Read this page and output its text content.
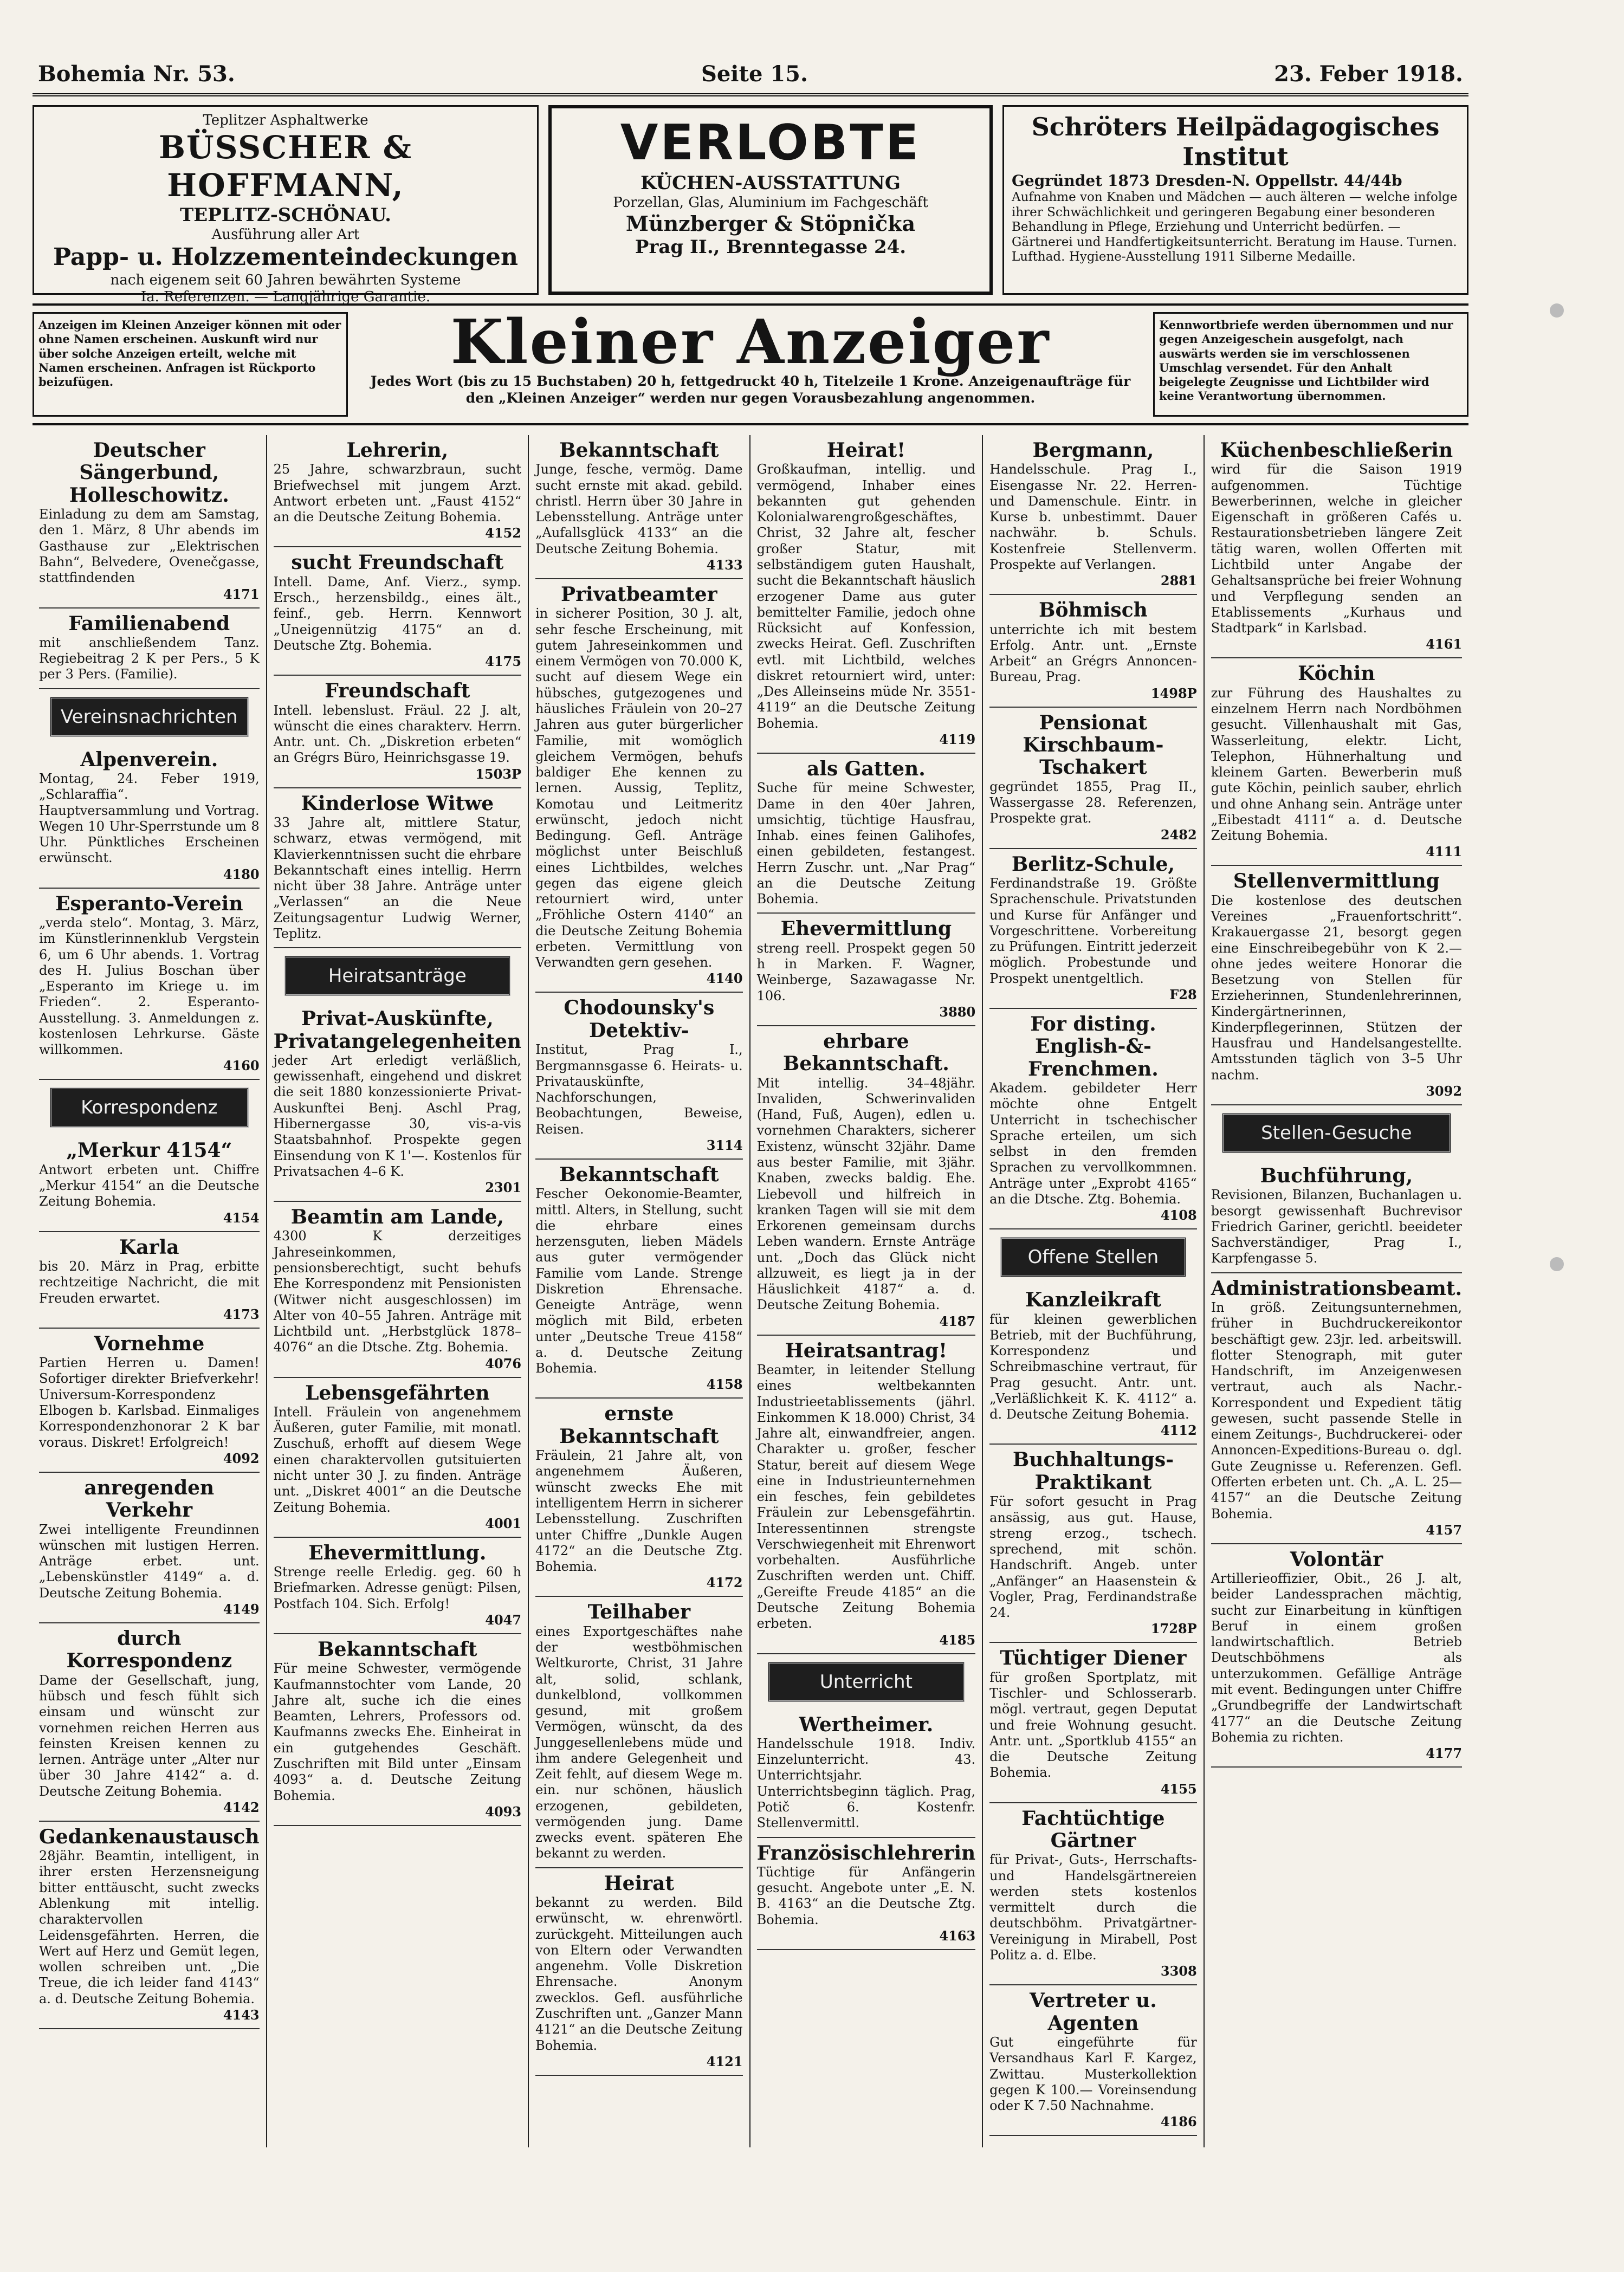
Bohemia Nr. 53.	Seite 15.	23. Feber 1918.
Teplitzer Asphaltwerke
BÜSSCHER & HOFFMANN,
TEPLITZ-SCHÖNAU.
Ausführung aller Art
Papp- u. Holzzementeindeckungen
nach eigenem seit 60 Jahren bewährten Systeme
Ia. Referenzen. — Langjährige Garantie.
VERLOBTE
KÜCHEN-AUSSTATTUNG
Porzellan, Glas, Aluminium im Fachgeschäft
Münzberger & Stöpnička
Prag II., Brenntegasse 24.
Schröters Heilpädagogisches Institut
Gegründet 1873 Dresden-N. Oppellstr. 44/44b
Aufnahme von Knaben und Mädchen — auch älteren — welche infolge ihrer Schwächlichkeit und geringeren Begabung einer besonderen Behandlung in Pflege, Erziehung und Unterricht bedürfen. — Gärtnerei und Handfertigkeitsunterricht. Beratung im Hause. Turnen. Lufthad. Hygiene-Ausstellung 1911 Silberne Medaille.
Anzeigen im Kleinen Anzeiger können mit oder ohne Namen erscheinen. Auskunft wird nur über solche Anzeigen erteilt, welche mit Namen erscheinen. Anfragen ist Rückporto beizufügen.
Kleiner Anzeiger
Jedes Wort (bis zu 15 Buchstaben) 20 h, fettgedruckt 40 h, Titelzeile 1 Krone. Anzeigenaufträge für den „Kleinen Anzeiger“ werden nur gegen Vorausbezahlung angenommen.
Kennwortbriefe werden übernommen und nur gegen Anzeigeschein ausgefolgt, nach auswärts werden sie im verschlossenen Umschlag versendet. Für den Anhalt beigelegte Zeugnisse und Lichtbilder wird keine Verantwortung übernommen.
Deutscher Sängerbund, Holleschowitz.
Einladung zu dem am Samstag, den 1. März, 8 Uhr abends im Gasthause zur „Elektrischen Bahn“, Belvedere, Ovenečgasse, stattfindenden
4171
Familienabend
mit anschließendem Tanz. Regiebeitrag 2 K per Pers., 5 K per 3 Pers. (Familie).
Vereinsnachrichten
Alpenverein.
Montag, 24. Feber 1919, „Schlaraffia“. Hauptversammlung und Vortrag. Wegen 10 Uhr-Sperrstunde um 8 Uhr. Pünktliches Erscheinen erwünscht.
4180
Esperanto-Verein
„verda stelo“. Montag, 3. März, im Künstlerinnenklub Vergstein 6, um 6 Uhr abends. 1. Vortrag des H. Julius Boschan über „Esperanto im Kriege u. im Frieden“. 2. Esperanto-Ausstellung. 3. Anmeldungen z. kostenlosen Lehrkurse. Gäste willkommen.
4160
Korrespondenz
„Merkur 4154“
Antwort erbeten unt. Chiffre „Merkur 4154“ an die Deutsche Zeitung Bohemia.
4154
Karla
bis 20. März in Prag, erbitte rechtzeitige Nachricht, die mit Freuden erwartet.
4173
Vornehme
Partien Herren u. Damen! Sofortiger direkter Briefverkehr! Universum-Korrespondenz Elbogen b. Karlsbad. Einmaliges Korrespondenzhonorar 2 K bar voraus. Diskret! Erfolgreich!
4092
anregenden Verkehr
Zwei intelligente Freundinnen wünschen mit lustigen Herren. Anträge erbet. unt. „Lebenskünstler 4149“ a. d. Deutsche Zeitung Bohemia.
4149
durch Korrespondenz
Dame der Gesellschaft, jung, hübsch und fesch fühlt sich einsam und wünscht zur vornehmen reichen Herren aus feinsten Kreisen kennen zu lernen. Anträge unter „Alter nur über 30 Jahre 4142“ a. d. Deutsche Zeitung Bohemia.
4142
Gedankenaustausch
28jähr. Beamtin, intelligent, in ihrer ersten Herzensneigung bitter enttäuscht, sucht zwecks Ablenkung mit intellig. charaktervollen Leidensgefährten. Herren, die Wert auf Herz und Gemüt legen, wollen schreiben unt. „Die Treue, die ich leider fand 4143“ a. d. Deutsche Zeitung Bohemia.
4143
Lehrerin,
25 Jahre, schwarzbraun, sucht Briefwechsel mit jungem Arzt. Antwort erbeten unt. „Faust 4152“ an die Deutsche Zeitung Bohemia.
4152
sucht Freundschaft
Intell. Dame, Anf. Vierz., symp. Ersch., herzensbildg., eines ält., feinf., geb. Herrn. Kennwort „Uneigennützig 4175“ an d. Deutsche Ztg. Bohemia.
4175
Freundschaft
Intell. lebenslust. Fräul. 22 J. alt, wünscht die eines charakterv. Herrn. Antr. unt. Ch. „Diskretion erbeten“ an Grégrs Büro, Heinrichsgasse 19.
1503P
Kinderlose Witwe
33 Jahre alt, mittlere Statur, schwarz, etwas vermögend, mit Klavierkenntnissen sucht die ehrbare Bekanntschaft eines intellig. Herrn nicht über 38 Jahre. Anträge unter „Verlassen“ an die Neue Zeitungsagentur Ludwig Werner, Teplitz.
Heiratsanträge
Privat-Auskünfte, Privatangelegenheiten
jeder Art erledigt verläßlich, gewissenhaft, eingehend und diskret die seit 1880 konzessionierte Privat-Auskunftei Benj. Aschl Prag, Hibernergasse 30, vis-a-vis Staatsbahnhof. Prospekte gegen Einsendung von K 1'—. Kostenlos für Privatsachen 4–6 K.
2301
Beamtin am Lande,
4300 K derzeitiges Jahreseinkommen, pensionsberechtigt, sucht behufs Ehe Korrespondenz mit Pensionisten (Witwer nicht ausgeschlossen) im Alter von 40–55 Jahren. Anträge mit Lichtbild unt. „Herbstglück 1878–4076“ an die Dtsche. Ztg. Bohemia.
4076
Lebensgefährten
Intell. Fräulein von angenehmem Äußeren, guter Familie, mit monatl. Zuschuß, erhofft auf diesem Wege einen charaktervollen gutsituierten nicht unter 30 J. zu finden. Anträge unt. „Diskret 4001“ an die Deutsche Zeitung Bohemia.
4001
Ehevermittlung.
Strenge reelle Erledig. geg. 60 h Briefmarken. Adresse genügt: Pilsen, Postfach 104. Sich. Erfolg!
4047
Bekanntschaft
Für meine Schwester, vermögende Kaufmannstochter vom Lande, 20 Jahre alt, suche ich die eines Beamten, Lehrers, Professors od. Kaufmanns zwecks Ehe. Einheirat in ein gutgehendes Geschäft. Zuschriften mit Bild unter „Einsam 4093“ a. d. Deutsche Zeitung Bohemia.
4093
Bekanntschaft
Junge, fesche, vermög. Dame sucht ernste mit akad. gebild. christl. Herrn über 30 Jahre in Lebensstellung. Anträge unter „Aufallsglück 4133“ an die Deutsche Zeitung Bohemia.
4133
Privatbeamter
in sicherer Position, 30 J. alt, sehr fesche Erscheinung, mit gutem Jahreseinkommen und einem Vermögen von 70.000 K, sucht auf diesem Wege ein hübsches, gutgezogenes und häusliches Fräulein von 20–27 Jahren aus guter bürgerlicher Familie, mit womöglich gleichem Vermögen, behufs baldiger Ehe kennen zu lernen. Aussig, Teplitz, Komotau und Leitmeritz erwünscht, jedoch nicht Bedingung. Gefl. Anträge möglichst unter Beischluß eines Lichtbildes, welches gegen das eigene gleich retourniert wird, unter „Fröhliche Ostern 4140“ an die Deutsche Zeitung Bohemia erbeten. Vermittlung von Verwandten gern gesehen.
4140
Chodounsky's Detektiv-
Institut, Prag I., Bergmannsgasse 6. Heirats- u. Privatauskünfte, Nachforschungen, Beobachtungen, Beweise, Reisen.
3114
Bekanntschaft
Fescher Oekonomie-Beamter, mittl. Alters, in Stellung, sucht die ehrbare eines herzensguten, lieben Mädels aus guter vermögender Familie vom Lande. Strenge Diskretion Ehrensache. Geneigte Anträge, wenn möglich mit Bild, erbeten unter „Deutsche Treue 4158“ a. d. Deutsche Zeitung Bohemia.
4158
ernste Bekanntschaft
Fräulein, 21 Jahre alt, von angenehmem Äußeren, wünscht zwecks Ehe mit intelligentem Herrn in sicherer Lebensstellung. Zuschriften unter Chiffre „Dunkle Augen 4172“ an die Deutsche Ztg. Bohemia.
4172
Teilhaber
eines Exportgeschäftes nahe der westböhmischen Weltkurorte, Christ, 31 Jahre alt, solid, schlank, dunkelblond, vollkommen gesund, mit großem Vermögen, wünscht, da des Junggesellenlebens müde und ihm andere Gelegenheit und Zeit fehlt, auf diesem Wege m. ein. nur schönen, häuslich erzogenen, gebildeten, vermögenden jung. Dame zwecks event. späteren Ehe bekannt zu werden.
Heirat
bekannt zu werden. Bild erwünscht, w. ehrenwörtl. zurückgeht. Mitteilungen auch von Eltern oder Verwandten angenehm. Volle Diskretion Ehrensache. Anonym zwecklos. Gefl. ausführliche Zuschriften unt. „Ganzer Mann 4121“ an die Deutsche Zeitung Bohemia.
4121
Heirat!
Großkaufman, intellig. und vermögend, Inhaber eines bekannten gut gehenden Kolonialwarengroßgeschäftes, Christ, 32 Jahre alt, fescher großer Statur, mit selbständigem guten Haushalt, sucht die Bekanntschaft häuslich erzogener Dame aus guter bemittelter Familie, jedoch ohne Rücksicht auf Konfession, zwecks Heirat. Gefl. Zuschriften evtl. mit Lichtbild, welches diskret retourniert wird, unter: „Des Alleinseins müde Nr. 3551-4119“ an die Deutsche Zeitung Bohemia.
4119
als Gatten.
Suche für meine Schwester, Dame in den 40er Jahren, umsichtig, tüchtige Hausfrau, Inhab. eines feinen Galihofes, einen gebildeten, festangest. Herrn Zuschr. unt. „Nar Prag“ an die Deutsche Zeitung Bohemia.
Ehevermittlung
streng reell. Prospekt gegen 50 h in Marken. F. Wagner, Weinberge, Sazawagasse Nr. 106.
3880
ehrbare Bekanntschaft.
Mit intellig. 34–48jähr. Invaliden, Schwerinvaliden (Hand, Fuß, Augen), edlen u. vornehmen Charakters, sicherer Existenz, wünscht 32jähr. Dame aus bester Familie, mit 3jähr. Knaben, zwecks baldig. Ehe. Liebevoll und hilfreich in kranken Tagen will sie mit dem Erkorenen gemeinsam durchs Leben wandern. Ernste Anträge unt. „Doch das Glück nicht allzuweit, es liegt ja in der Häuslichkeit 4187“ a. d. Deutsche Zeitung Bohemia.
4187
Heiratsantrag!
Beamter, in leitender Stellung eines weltbekannten Industrieetablissements (jährl. Einkommen K 18.000) Christ, 34 Jahre alt, einwandfreier, angen. Charakter u. großer, fescher Statur, bereit auf diesem Wege eine in Industrieunternehmen ein fesches, fein gebildetes Fräulein zur Lebensgefährtin. Interessentinnen strengste Verschwiegenheit mit Ehrenwort vorbehalten. Ausführliche Zuschriften werden unt. Chiff. „Gereifte Freude 4185“ an die Deutsche Zeitung Bohemia erbeten.
4185
Unterricht
Wertheimer.
Handelsschule 1918. Indiv. Einzelunterricht. 43. Unterrichtsjahr. Unterrichtsbeginn täglich. Prag, Potič 6. Kostenfr. Stellenvermittl.
Französischlehrerin
Tüchtige für Anfängerin gesucht. Angebote unter „E. N. B. 4163“ an die Deutsche Ztg. Bohemia.
4163
Bergmann,
Handelsschule. Prag I., Eisengasse Nr. 22. Herren- und Damenschule. Eintr. in Kurse b. unbestimmt. Dauer nachwähr. b. Schuls. Kostenfreie Stellenverm. Prospekte auf Verlangen.
2881
Böhmisch
unterrichte ich mit bestem Erfolg. Antr. unt. „Ernste Arbeit“ an Grégrs Annoncen-Bureau, Prag.
1498P
Pensionat Kirschbaum-Tschakert
gegründet 1855, Prag II., Wassergasse 28. Referenzen, Prospekte grat.
2482
Berlitz-Schule,
Ferdinandstraße 19. Größte Sprachenschule. Privatstunden und Kurse für Anfänger und Vorgeschrittene. Vorbereitung zu Prüfungen. Eintritt jederzeit möglich. Probestunde und Prospekt unentgeltlich.
F28
For disting. English-&-Frenchmen.
Akadem. gebildeter Herr möchte ohne Entgelt Unterricht in tschechischer Sprache erteilen, um sich selbst in den fremden Sprachen zu vervollkommnen. Anträge unter „Exprobt 4165“ an die Dtsche. Ztg. Bohemia.
4108
Offene Stellen
Kanzleikraft
für kleinen gewerblichen Betrieb, mit der Buchführung, Korrespondenz und Schreibmaschine vertraut, für Prag gesucht. Antr. unt. „Verläßlichkeit K. K. 4112“ a. d. Deutsche Zeitung Bohemia.
4112
Buchhaltungs-Praktikant
Für sofort gesucht in Prag ansässig, aus gut. Hause, streng erzog., tschech. sprechend, mit schön. Handschrift. Angeb. unter „Anfänger“ an Haasenstein & Vogler, Prag, Ferdinandstraße 24.
1728P
Tüchtiger Diener
für großen Sportplatz, mit Tischler- und Schlosserarb. mögl. vertraut, gegen Deputat und freie Wohnung gesucht. Antr. unt. „Sportklub 4155“ an die Deutsche Zeitung Bohemia.
4155
Fachtüchtige Gärtner
für Privat-, Guts-, Herrschafts- und Handelsgärtnereien werden stets kostenlos vermittelt durch die deutschböhm. Privatgärtner-Vereinigung in Mirabell, Post Politz a. d. Elbe.
3308
Vertreter u. Agenten
Gut eingeführte für Versandhaus Karl F. Kargez, Zwittau. Musterkollektion gegen K 100.— Voreinsendung oder K 7.50 Nachnahme.
4186
Küchenbeschließerin
wird für die Saison 1919 aufgenommen. Tüchtige Bewerberinnen, welche in gleicher Eigenschaft in größeren Cafés u. Restaurationsbetrieben längere Zeit tätig waren, wollen Offerten mit Lichtbild unter Angabe der Gehaltsansprüche bei freier Wohnung und Verpflegung senden an Etablissements „Kurhaus und Stadtpark“ in Karlsbad.
4161
Köchin
zur Führung des Haushaltes zu einzelnem Herrn nach Nordböhmen gesucht. Villenhaushalt mit Gas, Wasserleitung, elektr. Licht, Telephon, Hühnerhaltung und kleinem Garten. Bewerberin muß gute Köchin, peinlich sauber, ehrlich und ohne Anhang sein. Anträge unter „Eibestadt 4111“ a. d. Deutsche Zeitung Bohemia.
4111
Stellenvermittlung
Die kostenlose des deutschen Vereines „Frauenfortschritt“. Krakauergasse 21, besorgt gegen eine Einschreibegebühr von K 2.— ohne jedes weitere Honorar die Besetzung von Stellen für Erzieherinnen, Stundenlehrerinnen, Kindergärtnerinnen, Kinderpflegerinnen, Stützen der Hausfrau und Handelsangestellte. Amtsstunden täglich von 3–5 Uhr nachm.
3092
Stellen-Gesuche
Buchführung,
Revisionen, Bilanzen, Buchanlagen u. besorgt gewissenhaft Buchrevisor Friedrich Gariner, gerichtl. beeideter Sachverständiger, Prag I., Karpfengasse 5.
Administrationsbeamt.
In größ. Zeitungsunternehmen, früher in Buchdruckereikontor beschäftigt gew. 23jr. led. arbeitswill. flotter Stenograph, mit guter Handschrift, im Anzeigenwesen vertraut, auch als Nachr.-Korrespondent und Expedient tätig gewesen, sucht passende Stelle in einem Zeitungs-, Buchdruckerei- oder Annoncen-Expeditions-Bureau o. dgl. Gute Zeugnisse u. Referenzen. Gefl. Offerten erbeten unt. Ch. „A. L. 25—4157“ an die Deutsche Zeitung Bohemia.
4157
Volontär
Artillerieoffizier, Obit., 26 J. alt, beider Landessprachen mächtig, sucht zur Einarbeitung in künftigen Beruf in einem großen landwirtschaftlich. Betrieb Deutschböhmens als unterzukommen. Gefällige Anträge mit event. Bedingungen unter Chiffre „Grundbegriffe der Landwirtschaft 4177“ an die Deutsche Zeitung Bohemia zu richten.
4177
